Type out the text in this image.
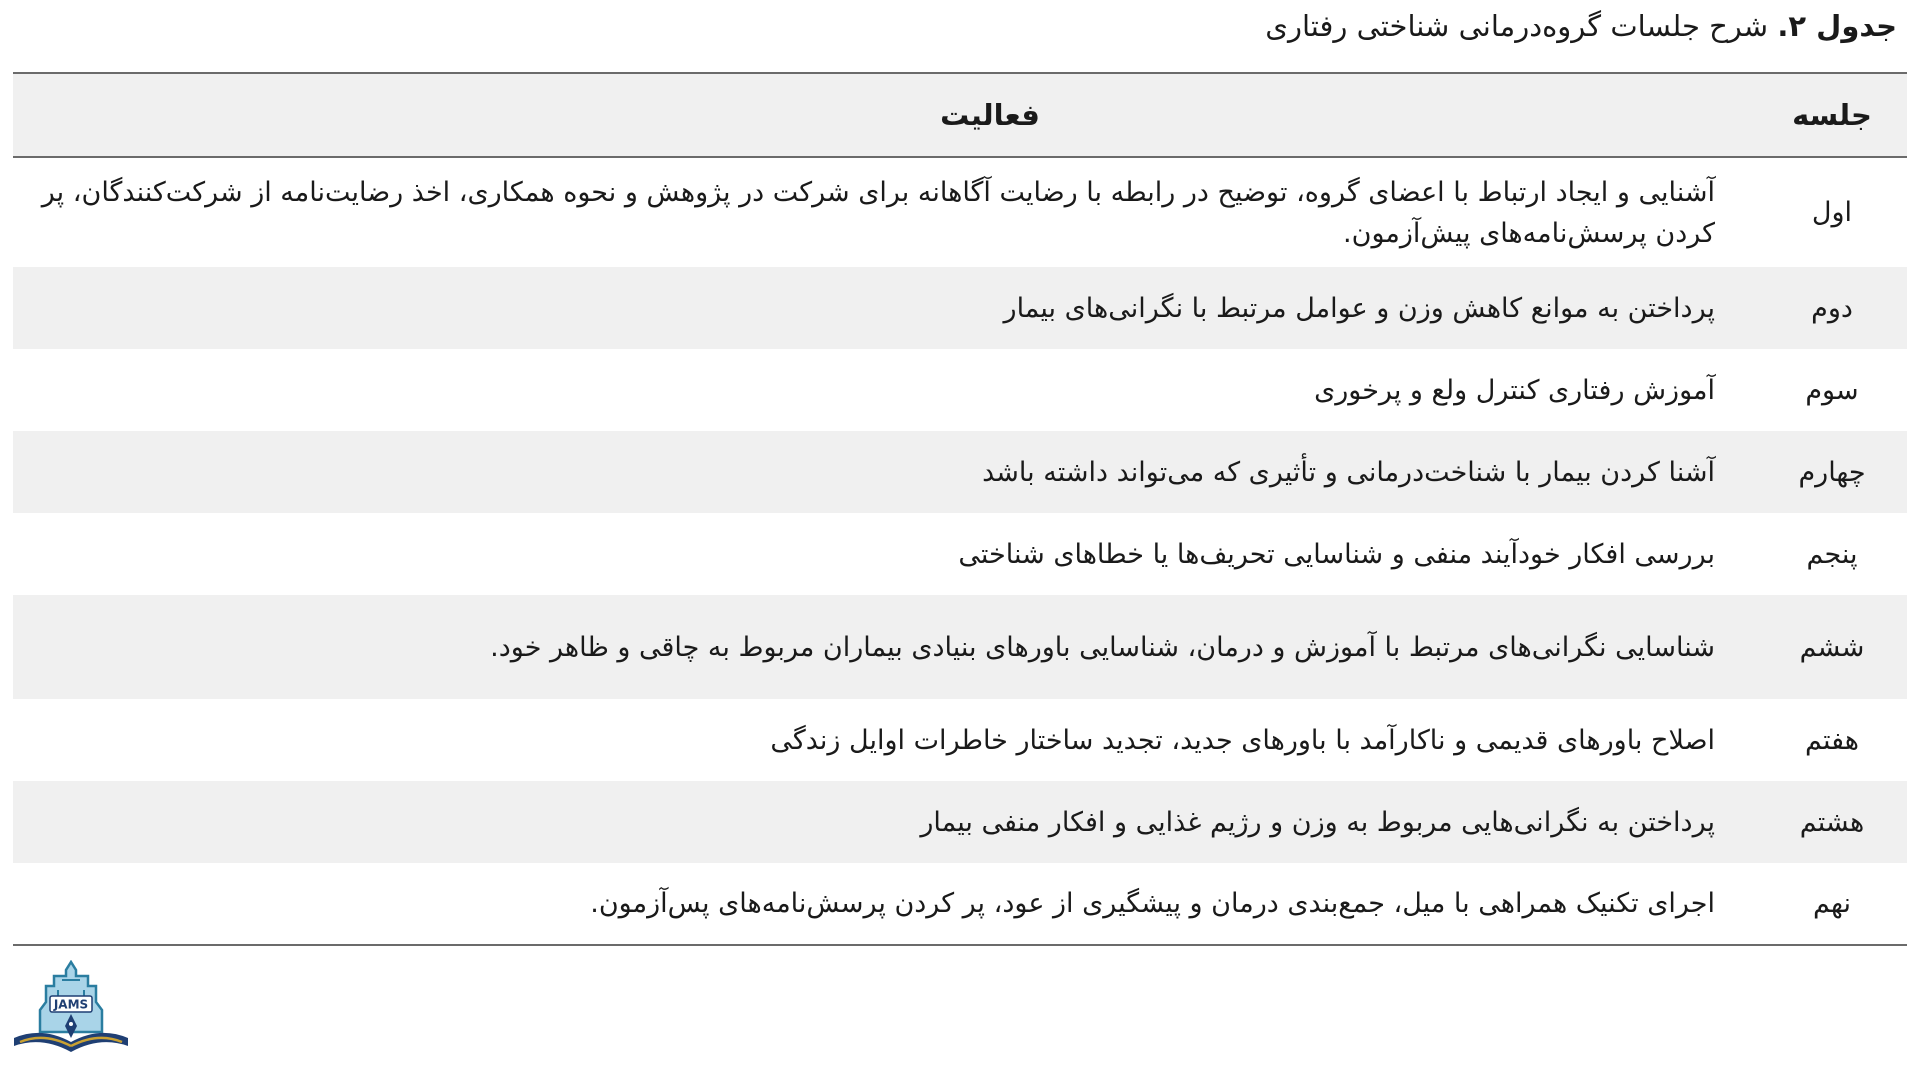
جدول ۲. شرح جلسات گروه‌درمانی شناختی رفتاری
جلسه	فعالیت
اول	آشنایی و ایجاد ارتباط با اعضای گروه، توضیح در رابطه با رضایت آگاهانه برای شرکت در پژوهش و نحوه همکاری، اخذ رضایت‌نامه از شرکت‌کنندگان، پر کردن پرسش‌نامه‌های پیش‌آزمون.
دوم	پرداختن به موانع کاهش وزن و عوامل مرتبط با نگرانی‌های بیمار
سوم	آموزش رفتاری کنترل ولع و پرخوری
چهارم	آشنا کردن بیمار با شناخت‌درمانی و تأثیری که می‌تواند داشته باشد
پنجم	بررسی افکار خودآیند منفی و شناسایی تحریف‌ها یا خطاهای شناختی
ششم	شناسایی نگرانی‌های مرتبط با آموزش و درمان، شناسایی باورهای بنیادی بیماران مربوط به چاقی و ظاهر خود.
هفتم	اصلاح باورهای قدیمی و ناکارآمد با باورهای جدید، تجدید ساختار خاطرات اوایل زندگی
هشتم	پرداختن به نگرانی‌هایی مربوط به وزن و رژیم غذایی و افکار منفی بیمار
نهم	اجرای تکنیک همراهی با میل، جمع‌بندی درمان و پیشگیری از عود، پر کردن پرسش‌نامه‌های پس‌آزمون.
JAMS
